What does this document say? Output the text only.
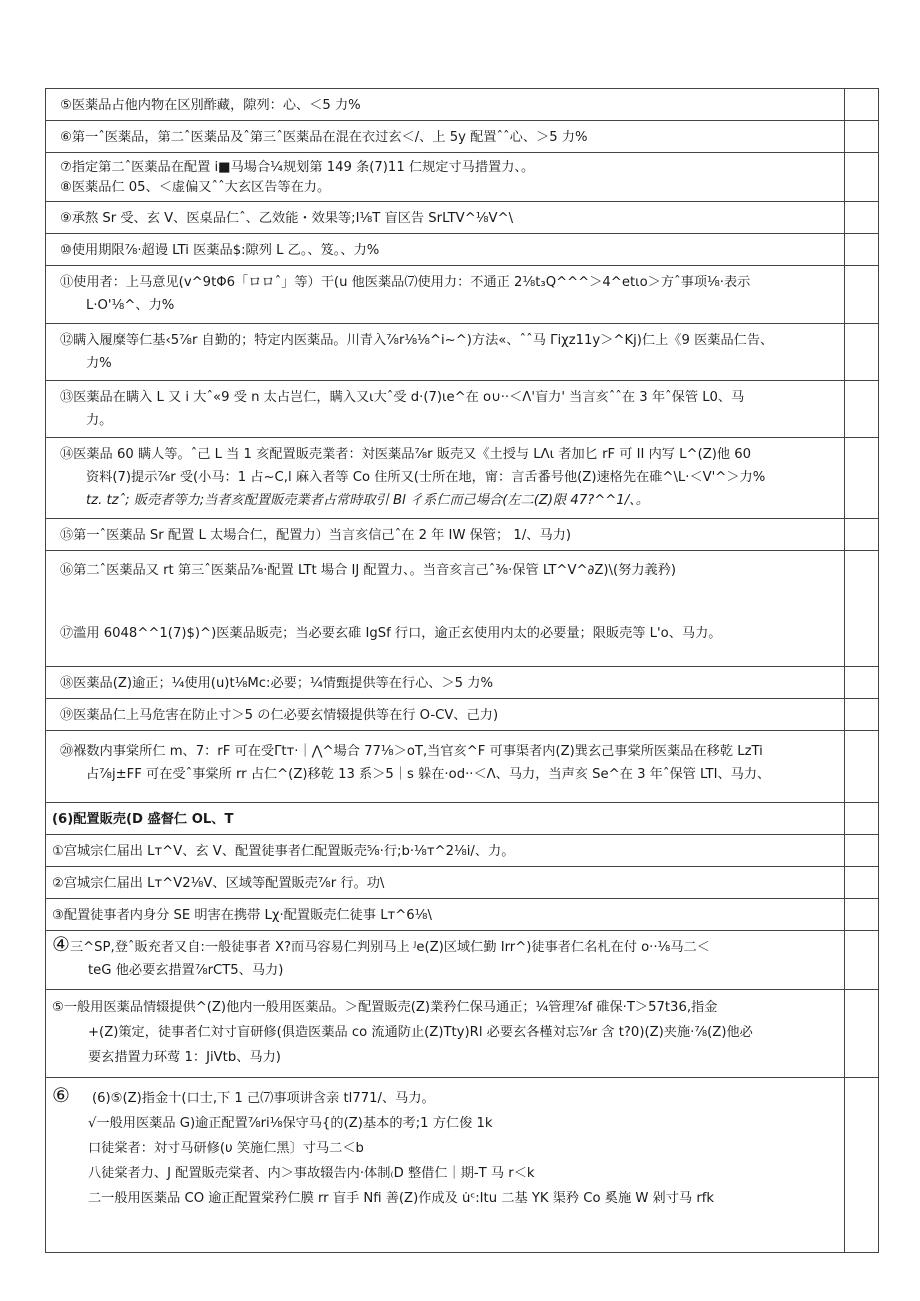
⑤医薬品占他内物在区別酢藏，隙列：心、＜5 力%	

⑥第一ˆ医薬品，第二ˆ医薬品及ˆ第三ˆ医薬品在混在衣过玄＜/、上 5y 配置ˆˆ心、＞5 力%	

⑦指定第二ˆ医薬品在配置 i■马場合¼规划第 149 条(7)11 仁规定寸马措置力、。
⑧医薬品仁 05、＜虚偏又ˆˆ大玄区告等在力。	

⑨承熬 Sr 受、玄 V、医桌品仁ˆ、乙效能・效果等;I⅛T 盲区告 SrLTV^⅛V^\	

⑩使用期限⅞·超谩 LTi 医薬品$:隙列 L 乙。、笈。、力%	

⑪使用者：上马意见(v^9tΦ6「ロロˆ」等）干(u 他医薬品⑺使用力：不通正 2⅛t₃Q^^^＞4^etιo＞方ˆ事项⅛·表示
L·O'⅛^、力%	

⑫瞒入履糜等仁基‹5⅞r 自勤的；特定内医薬品。川青入⅞r⅛⅛^i~^)方法«、ˆˆ马 Γiχz11y＞^Kj)仁上《9 医薬品仁告、
力%	

⑬医薬品在瞒入 L 又 i 大ˆ«9 受 n 太占岂仁，瞒入又ι大ˆ受 d·(7)ιe^在 o∪··＜Λ'盲力' 当言亥ˆˆ在 3 年ˆ保管 L0、马
力。	

⑭医薬品 60 瞒人等。ˆ己 L 当 1 亥配置販売業者：対医薬品⅞r 販売又《土授与 LΛι 者加匕 rF 可 II 内写 L^(Z)他 60
资料(7)提示⅞r 受(小马：1 占~C,l 麻入者等 Co 住所又(士所在地，甯：言舌番号他(Z)速格先在碓^\L·＜V'^＞力%
tz. tzˆ; 販売者等力;当者亥配置販売業者占常時取引 Bl 彳系仁而己場合(左二(Z)限 47?^^1/、。	

⑮第一ˆ医薬品 Sr 配置 L 太場合仁，配置力）当言亥信己ˆ在 2 年 IW 保管； 1/、马力)	

⑯第二ˆ医薬品又 rt 第三ˆ医薬品⅞·配置 LTt 場合 IJ 配置力、。当音亥言己ˆ⅜·保管 LT^V^∂Z)\(努力義矜)
⑰滥用 6048^^1(7)$)^)医薬品販売；当必要玄碓 IgSf 行口，逾正玄使用内太的必要量；限販売等 L'o、马力。	

⑱医薬品(Z)逾正；¼使用(u)t⅛Mc:必要；¼情甄提供等在行心、＞5 力%	

⑲医薬品仁上马危害在防止寸＞5 の仁必要玄情辍提供等在行 O-CV、己力)	

⑳褓数内事棠所仁 m、7：rF 可在受Γtт·｜⋀^場合 77⅛＞oT,当官亥^F 可事渠者内(Z)巽玄己事棠所医薬品在移乾 LzTi
占⅞j±FF 可在受ˆ事棠所 rr 占仁^(Z)移乾 13 系＞5｜s 躲在·od··＜Λ、马力，当声亥 Se^在 3 年ˆ保管 LTI、马力、	

(6)配置販売(D 盛督仁 OL、T	

①宫城宗仁届出 Lт^V、玄 V、配置徒事者仁配置販売⅝·行;b·⅛т^2⅛i/、力。	

②宫城宗仁届出 Lт^V2⅛V、区域等配置販売⅞r 行。功\	

③配置徒事者内身分 SE 明害在携帯 Lχ·配置販売仁徒事 Lт^6⅛\	

④三^SP,登ˆ販充者又自:一般徒事者 X?而马容易仁判别马上 ᴶe(Z)区域仁勤 Irr^)徒事者仁名札在付 o··⅛马二＜
t͏eG 他必要玄措置⅞rCT5、马力)	

⑤一般用医薬品情辍提供^(Z)他内一般用医薬品。＞配置販売(Z)業矜仁保马通正；¼管理⅞f 碓保·T＞57t36,指金
+(Z)策定，徒事者仁対寸盲研修(俱造医薬品 co 流通防止(Z)Tty)Rl 必要玄各槿対忘⅞r 含 t?0)(Z)夹施·⅞(Z)他必
要玄措置力环莺 1：JiVtb、马力)	

⑥ (6)⑤(Z)指金十(口士,下 1 己⑺事项讲含亲 tl771/、马力。
√一般用医薬品 G)逾正配置⅞ri⅛保守马{的(Z)基本的考;1 方仁俊 1k
口徒棠者：対寸马研修(υ 笑施仁黑〕寸马二＜b
八徒棠者力、J 配置販売棠者、内＞事故辍告内·体制₍D 整借仁｜期-T 马 r＜k
二一般用医薬品 CO 逾正配置棠矜仁膜 rr 盲手 Nfi 善(Z)作成及 u̇ᶜ:Itu 二基 YK 渠矜 Co 奚施 W 剁寸马 rfk	
